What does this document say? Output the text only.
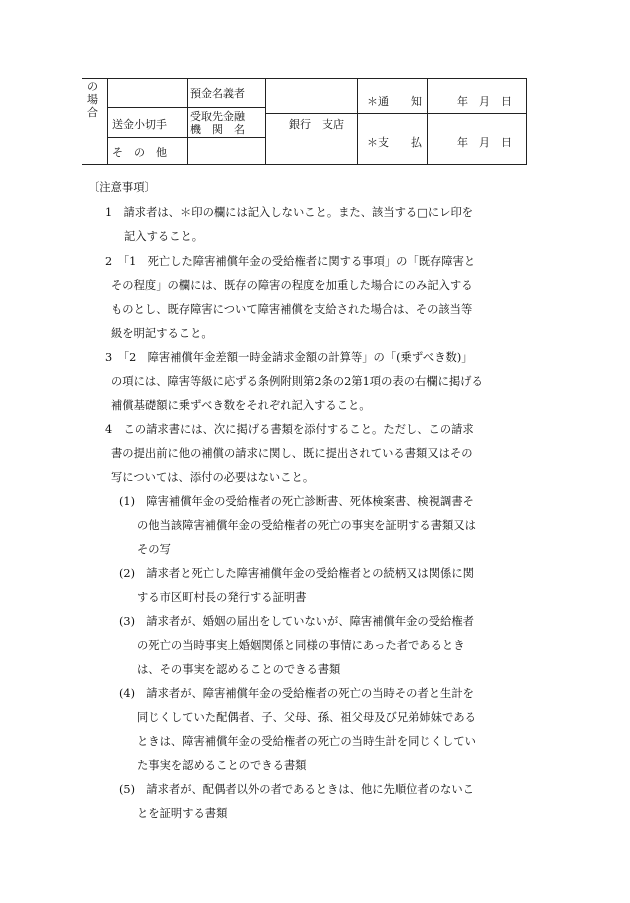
の
場
合
預金名義者
送金小切手
受取先金融
機　関　名	銀行　支店
そ　の　他
＊通　　知
＊支　　払
年　月　日
年　月　日
〔注意事項〕
1　請求者は、＊印の欄には記入しないこと。また、該当する□にレ印を
記入すること。
2　「1　死亡した障害補償年金の受給権者に関する事項」の「既存障害と
その程度」の欄には、既存の障害の程度を加重した場合にのみ記入する
ものとし、既存障害について障害補償を支給された場合は、その該当等
級を明記すること。
3　「2　障害補償年金差額一時金請求金額の計算等」の「(乗ずべき数)」
の項には、障害等級に応ずる条例附則第2条の2第1項の表の右欄に掲げる
補償基礎額に乗ずべき数をそれぞれ記入すること。
4　この請求書には、次に掲げる書類を添付すること。ただし、この請求
書の提出前に他の補償の請求に関し、既に提出されている書類又はその
写については、添付の必要はないこと。
(1)　障害補償年金の受給権者の死亡診断書、死体検案書、検視調書そ
の他当該障害補償年金の受給権者の死亡の事実を証明する書類又は
その写
(2)　請求者と死亡した障害補償年金の受給権者との続柄又は関係に関
する市区町村長の発行する証明書
(3)　請求者が、婚姻の届出をしていないが、障害補償年金の受給権者
の死亡の当時事実上婚姻関係と同様の事情にあった者であるとき
は、その事実を認めることのできる書類
(4)　請求者が、障害補償年金の受給権者の死亡の当時その者と生計を
同じくしていた配偶者、子、父母、孫、祖父母及び兄弟姉妹である
ときは、障害補償年金の受給権者の死亡の当時生計を同じくしてい
た事実を認めることのできる書類
(5)　請求者が、配偶者以外の者であるときは、他に先順位者のないこ
とを証明する書類
